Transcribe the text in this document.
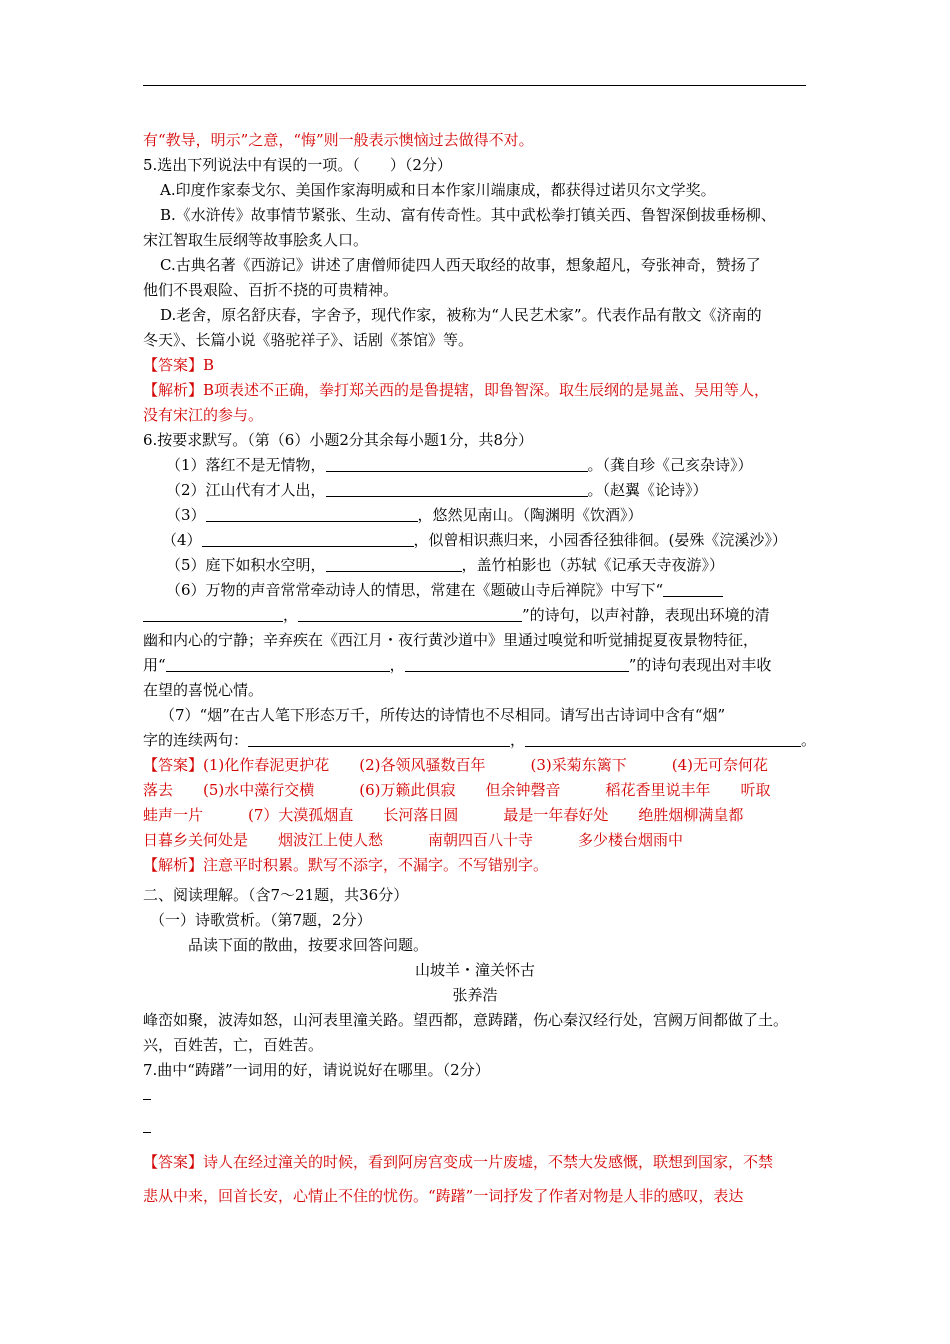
有“教导，明示”之意，“悔”则一般表示懊恼过去做得不对。
5.选出下列说法中有误的一项。（　　）（2分）
A.印度作家泰戈尔、美国作家海明威和日本作家川端康成，都获得过诺贝尔文学奖。
B.《水浒传》故事情节紧张、生动、富有传奇性。其中武松拳打镇关西、鲁智深倒拔垂杨柳、
宋江智取生辰纲等故事脍炙人口。
C.古典名著《西游记》讲述了唐僧师徒四人西天取经的故事，想象超凡，夸张神奇，赞扬了
他们不畏艰险、百折不挠的可贵精神。
D.老舍，原名舒庆春，字舍予，现代作家，被称为“人民艺术家”。代表作品有散文《济南的
冬天》、长篇小说《骆驼祥子》、话剧《茶馆》等。
【答案】B
【解析】B项表述不正确，拳打郑关西的是鲁提辖，即鲁智深。取生辰纲的是晁盖、吴用等人，
没有宋江的参与。
6.按要求默写。（第（6）小题2分其余每小题1分，共8分）
（1）落红不是无情物，	。（龚自珍《己亥杂诗》）
（2）江山代有才人出，	。（赵翼《论诗》）
（3）	，悠然见南山。（陶渊明《饮酒》）
（4）	，似曾相识燕归来，小园香径独徘徊。(晏殊《浣溪沙》）
（5）庭下如积水空明，	，盖竹柏影也（苏轼《记承天寺夜游》）
（6）万物的声音常常牵动诗人的情思，常建在《题破山寺后禅院》中写下“
，	”的诗句，以声衬静，表现出环境的清
幽和内心的宁静；辛弃疾在《西江月・夜行黄沙道中》里通过嗅觉和听觉捕捉夏夜景物特征，
用“	，	”的诗句表现出对丰收
在望的喜悦心情。
（7）“烟”在古人笔下形态万千，所传达的诗情也不尽相同。请写出古诗词中含有“烟”
字的连续两句：	，	。
【答案】(1)化作春泥更护花　　(2)各领风骚数百年　　　(3)采菊东篱下　　　(4)无可奈何花
落去　　(5)水中藻行交横　　　(6)万籁此俱寂　　但余钟磬音　　　稻花香里说丰年　　听取
蛙声一片　　　(7）大漠孤烟直　　长河落日圆　　　最是一年春好处　　绝胜烟柳满皇都
日暮乡关何处是　　烟波江上使人愁　　　南朝四百八十寺　　　多少楼台烟雨中
【解析】注意平时积累。默写不添字，不漏字。不写错别字。
二、阅读理解。（含7～21题，共36分）
（一）诗歌赏析。（第7题，2分）
品读下面的散曲，按要求回答问题。
山坡羊・潼关怀古
张养浩
峰峦如聚，波涛如怒，山河表里潼关路。望西都，意踌躇，伤心秦汉经行处，宫阙万间都做了土。
兴，百姓苦，亡，百姓苦。
7.曲中“踌躇”一词用的好，请说说好在哪里。（2分）
【答案】诗人在经过潼关的时候，看到阿房宫变成一片废墟，不禁大发感慨，联想到国家，不禁
悲从中来，回首长安，心情止不住的忧伤。“踌躇”一词抒发了作者对物是人非的感叹，表达
